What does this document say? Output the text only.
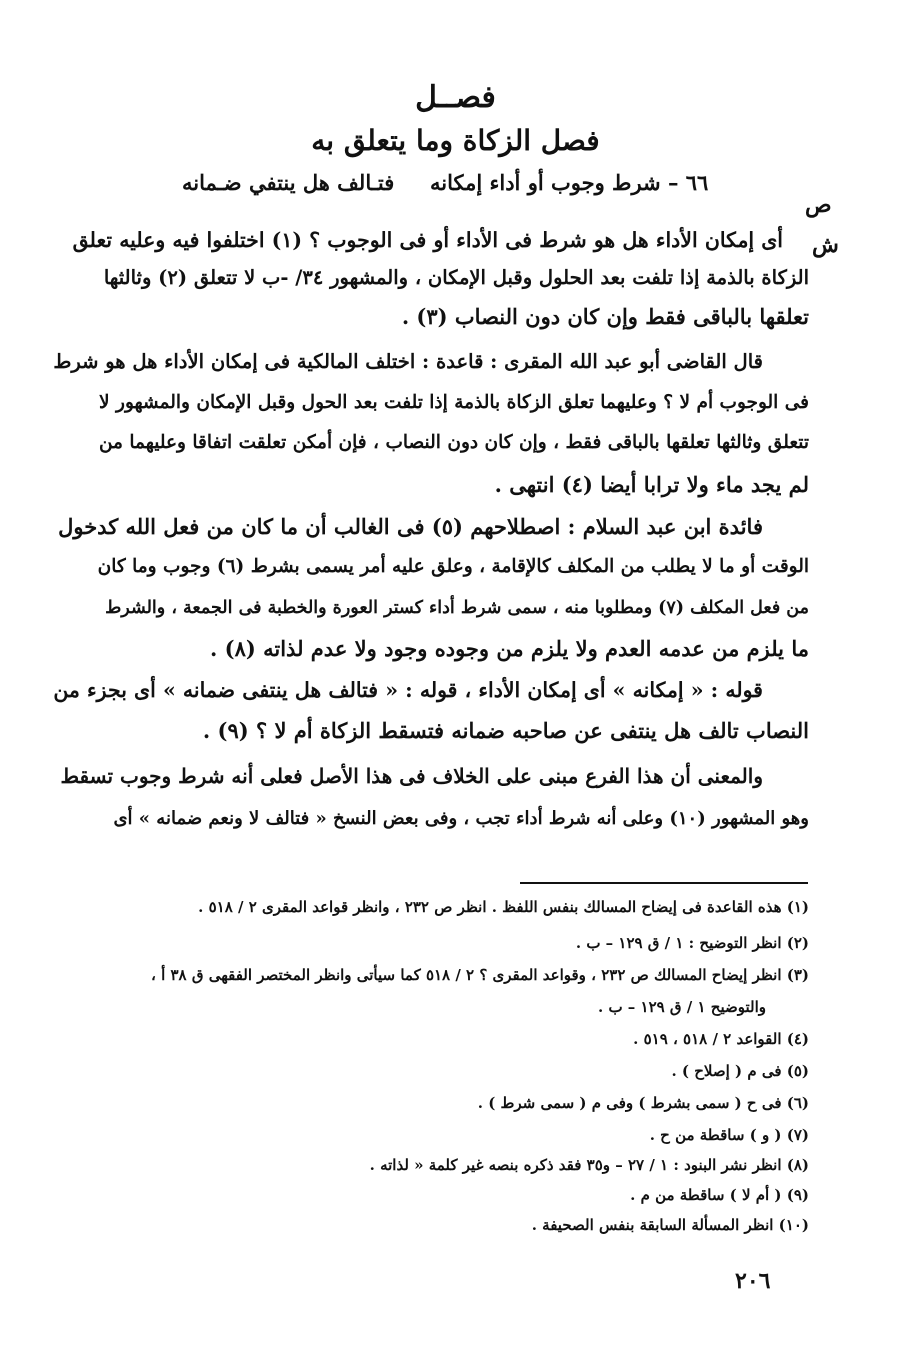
فصــل
فصل الزكاة وما يتعلق به
ص
٦٦ – شرط وجوب أو أداء إمكانه
فتـالف هل ينتفي ضـمانه
ش
أى إمكان الأداء هل هو شرط فى الأداء أو فى الوجوب ؟ (١) اختلفوا فيه وعليه تعلق
الزكاة بالذمة إذا تلفت بعد الحلول وقبل الإمكان ، والمشهور ٣٤/ -ب لا تتعلق (٢) وثالثها
تعلقها بالباقى فقط وإن كان دون النصاب (٣) .
قال القاضى أبو عبد الله المقرى : قاعدة : اختلف المالكية فى إمكان الأداء هل هو شرط
فى الوجوب أم لا ؟ وعليهما تعلق الزكاة بالذمة إذا تلفت بعد الحول وقبل الإمكان والمشهور لا
تتعلق وثالثها تعلقها بالباقى فقط ، وإن كان دون النصاب ، فإن أمكن تعلقت اتفاقا وعليهما من
لم يجد ماء ولا ترابا أيضا (٤) انتهى .
فائدة ابن عبد السلام : اصطلاحهم (٥) فى الغالب أن ما كان من فعل الله كدخول
الوقت أو ما لا يطلب من المكلف كالإقامة ، وعلق عليه أمر يسمى بشرط (٦) وجوب وما كان
من فعل المكلف (٧) ومطلوبا منه ، سمى شرط أداء كستر العورة والخطبة فى الجمعة ، والشرط
ما يلزم من عدمه العدم ولا يلزم من وجوده وجود ولا عدم لذاته (٨) .
قوله : « إمكانه » أى إمكان الأداء ، قوله : « فتالف هل ينتفى ضمانه » أى بجزء من
النصاب تالف هل ينتفى عن صاحبه ضمانه فتسقط الزكاة أم لا ؟ (٩) .
والمعنى أن هذا الفرع مبنى على الخلاف فى هذا الأصل فعلى أنه شرط وجوب تسقط
وهو المشهور (١٠) وعلى أنه شرط أداء تجب ، وفى بعض النسخ « فتالف لا ونعم ضمانه » أى
(١) هذه القاعدة فى إيضاح المسالك بنفس اللفظ . انظر ص ٢٣٢ ، وانظر قواعد المقرى ٢ / ٥١٨ .
(٢) انظر التوضيح : ١ / ق ١٢٩ – ب .
(٣) انظر إيضاح المسالك ص ٢٣٢ ، وقواعد المقرى ؟ ٢ / ٥١٨ كما سيأتى وانظر المختصر الفقهى ق ٣٨ أ ،
والتوضيح ١ / ق ١٢٩ – ب .
(٤) القواعد ٢ / ٥١٨ ، ٥١٩ .
(٥) فى م ( إصلاح ) .
(٦) فى ح ( سمى بشرط ) وفى م ( سمى شرط ) .
(٧) ( و ) ساقطة من ح .
(٨) انظر نشر البنود : ١ / ٢٧ – و٣٥ فقد ذكره بنصه غير كلمة « لذاته .
(٩) ( أم لا ) ساقطة من م .
(١٠) انظر المسألة السابقة بنفس الصحيفة .
٢٠٦
